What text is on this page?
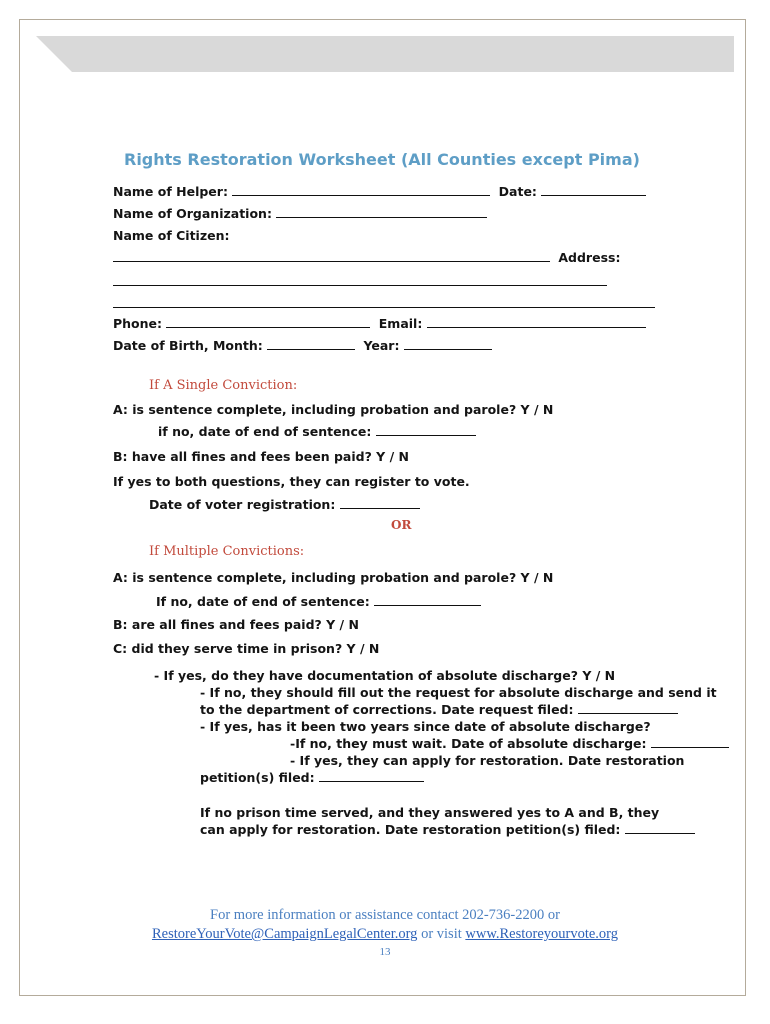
Rights Restoration Worksheet (All Counties except Pima)
Name of Helper:	Date:
Name of Organization:
Name of Citizen:
Address:
Phone:	Email:
Date of Birth, Month:	Year:
If A Single Conviction:
A: is sentence complete, including probation and parole? Y / N
if no, date of end of sentence:
B: have all fines and fees been paid? Y / N
If yes to both questions, they can register to vote.
Date of voter registration:
OR
If Multiple Convictions:
A: is sentence complete, including probation and parole? Y / N
If no, date of end of sentence:
B: are all fines and fees paid? Y / N
C: did they serve time in prison? Y / N
- If yes, do they have documentation of absolute discharge? Y / N
- If no, they should fill out the request for absolute discharge and send it
to the department of corrections. Date request filed:
- If yes, has it been two years since date of absolute discharge?
-If no, they must wait. Date of absolute discharge:
- If yes, they can apply for restoration. Date restoration
petition(s) filed:
If no prison time served, and they answered yes to A and B, they
can apply for restoration. Date restoration petition(s) filed:
For more information or assistance contact 202-736-2200 or
RestoreYourVote@CampaignLegalCenter.org or visit www.Restoreyourvote.org
13
